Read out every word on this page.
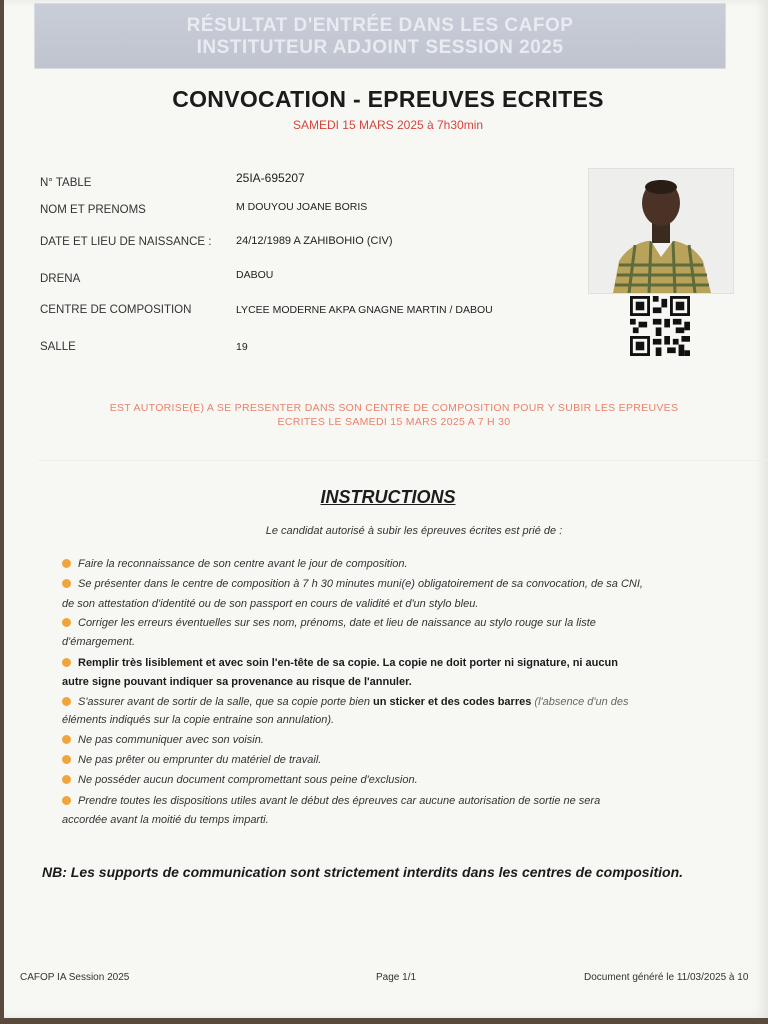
RÉSULTAT D'ENTRÉE DANS LES CAFOP
INSTITUTEUR ADJOINT SESSION 2025
CONVOCATION - EPREUVES ECRITES
SAMEDI 15 MARS 2025 à 7h30min
N° TABLE	25IA-695207
NOM ET PRENOMS	M DOUYOU JOANE BORIS
DATE ET LIEU DE NAISSANCE : 24/12/1989 A ZAHIBOHIO (CIV)
DRENA	DABOU
CENTRE DE COMPOSITION	LYCEE MODERNE AKPA GNAGNE MARTIN / DABOU
SALLE	19
EST AUTORISE(E) A SE PRESENTER DANS SON CENTRE DE COMPOSITION POUR Y SUBIR LES EPREUVES
ECRITES LE SAMEDI 15 MARS 2025 A 7 H 30
INSTRUCTIONS
Le candidat autorisé à subir les épreuves écrites est prié de :
Faire la reconnaissance de son centre avant le jour de composition.
Se présenter dans le centre de composition à 7 h 30 minutes muni(e) obligatoirement de sa convocation, de sa CNI,
de son attestation d'identité ou de son passport en cours de validité et d'un stylo bleu.
Corriger les erreurs éventuelles sur ses nom, prénoms, date et lieu de naissance au stylo rouge sur la liste
d'émargement.
Remplir très lisiblement et avec soin l'en-tête de sa copie. La copie ne doit porter ni signature, ni aucun
autre signe pouvant indiquer sa provenance au risque de l'annuler.
S'assurer avant de sortir de la salle, que sa copie porte bien un sticker et des codes barres (l'absence d'un des
éléments indiqués sur la copie entraine son annulation).
Ne pas communiquer avec son voisin.
Ne pas prêter ou emprunter du matériel de travail.
Ne posséder aucun document compromettant sous peine d'exclusion.
Prendre toutes les dispositions utiles avant le début des épreuves car aucune autorisation de sortie ne sera
accordée avant la moitié du temps imparti.
NB: Les supports de communication sont strictement interdits dans les centres de composition.
CAFOP IA Session 2025	Page 1/1	Document généré le 11/03/2025 à 10
